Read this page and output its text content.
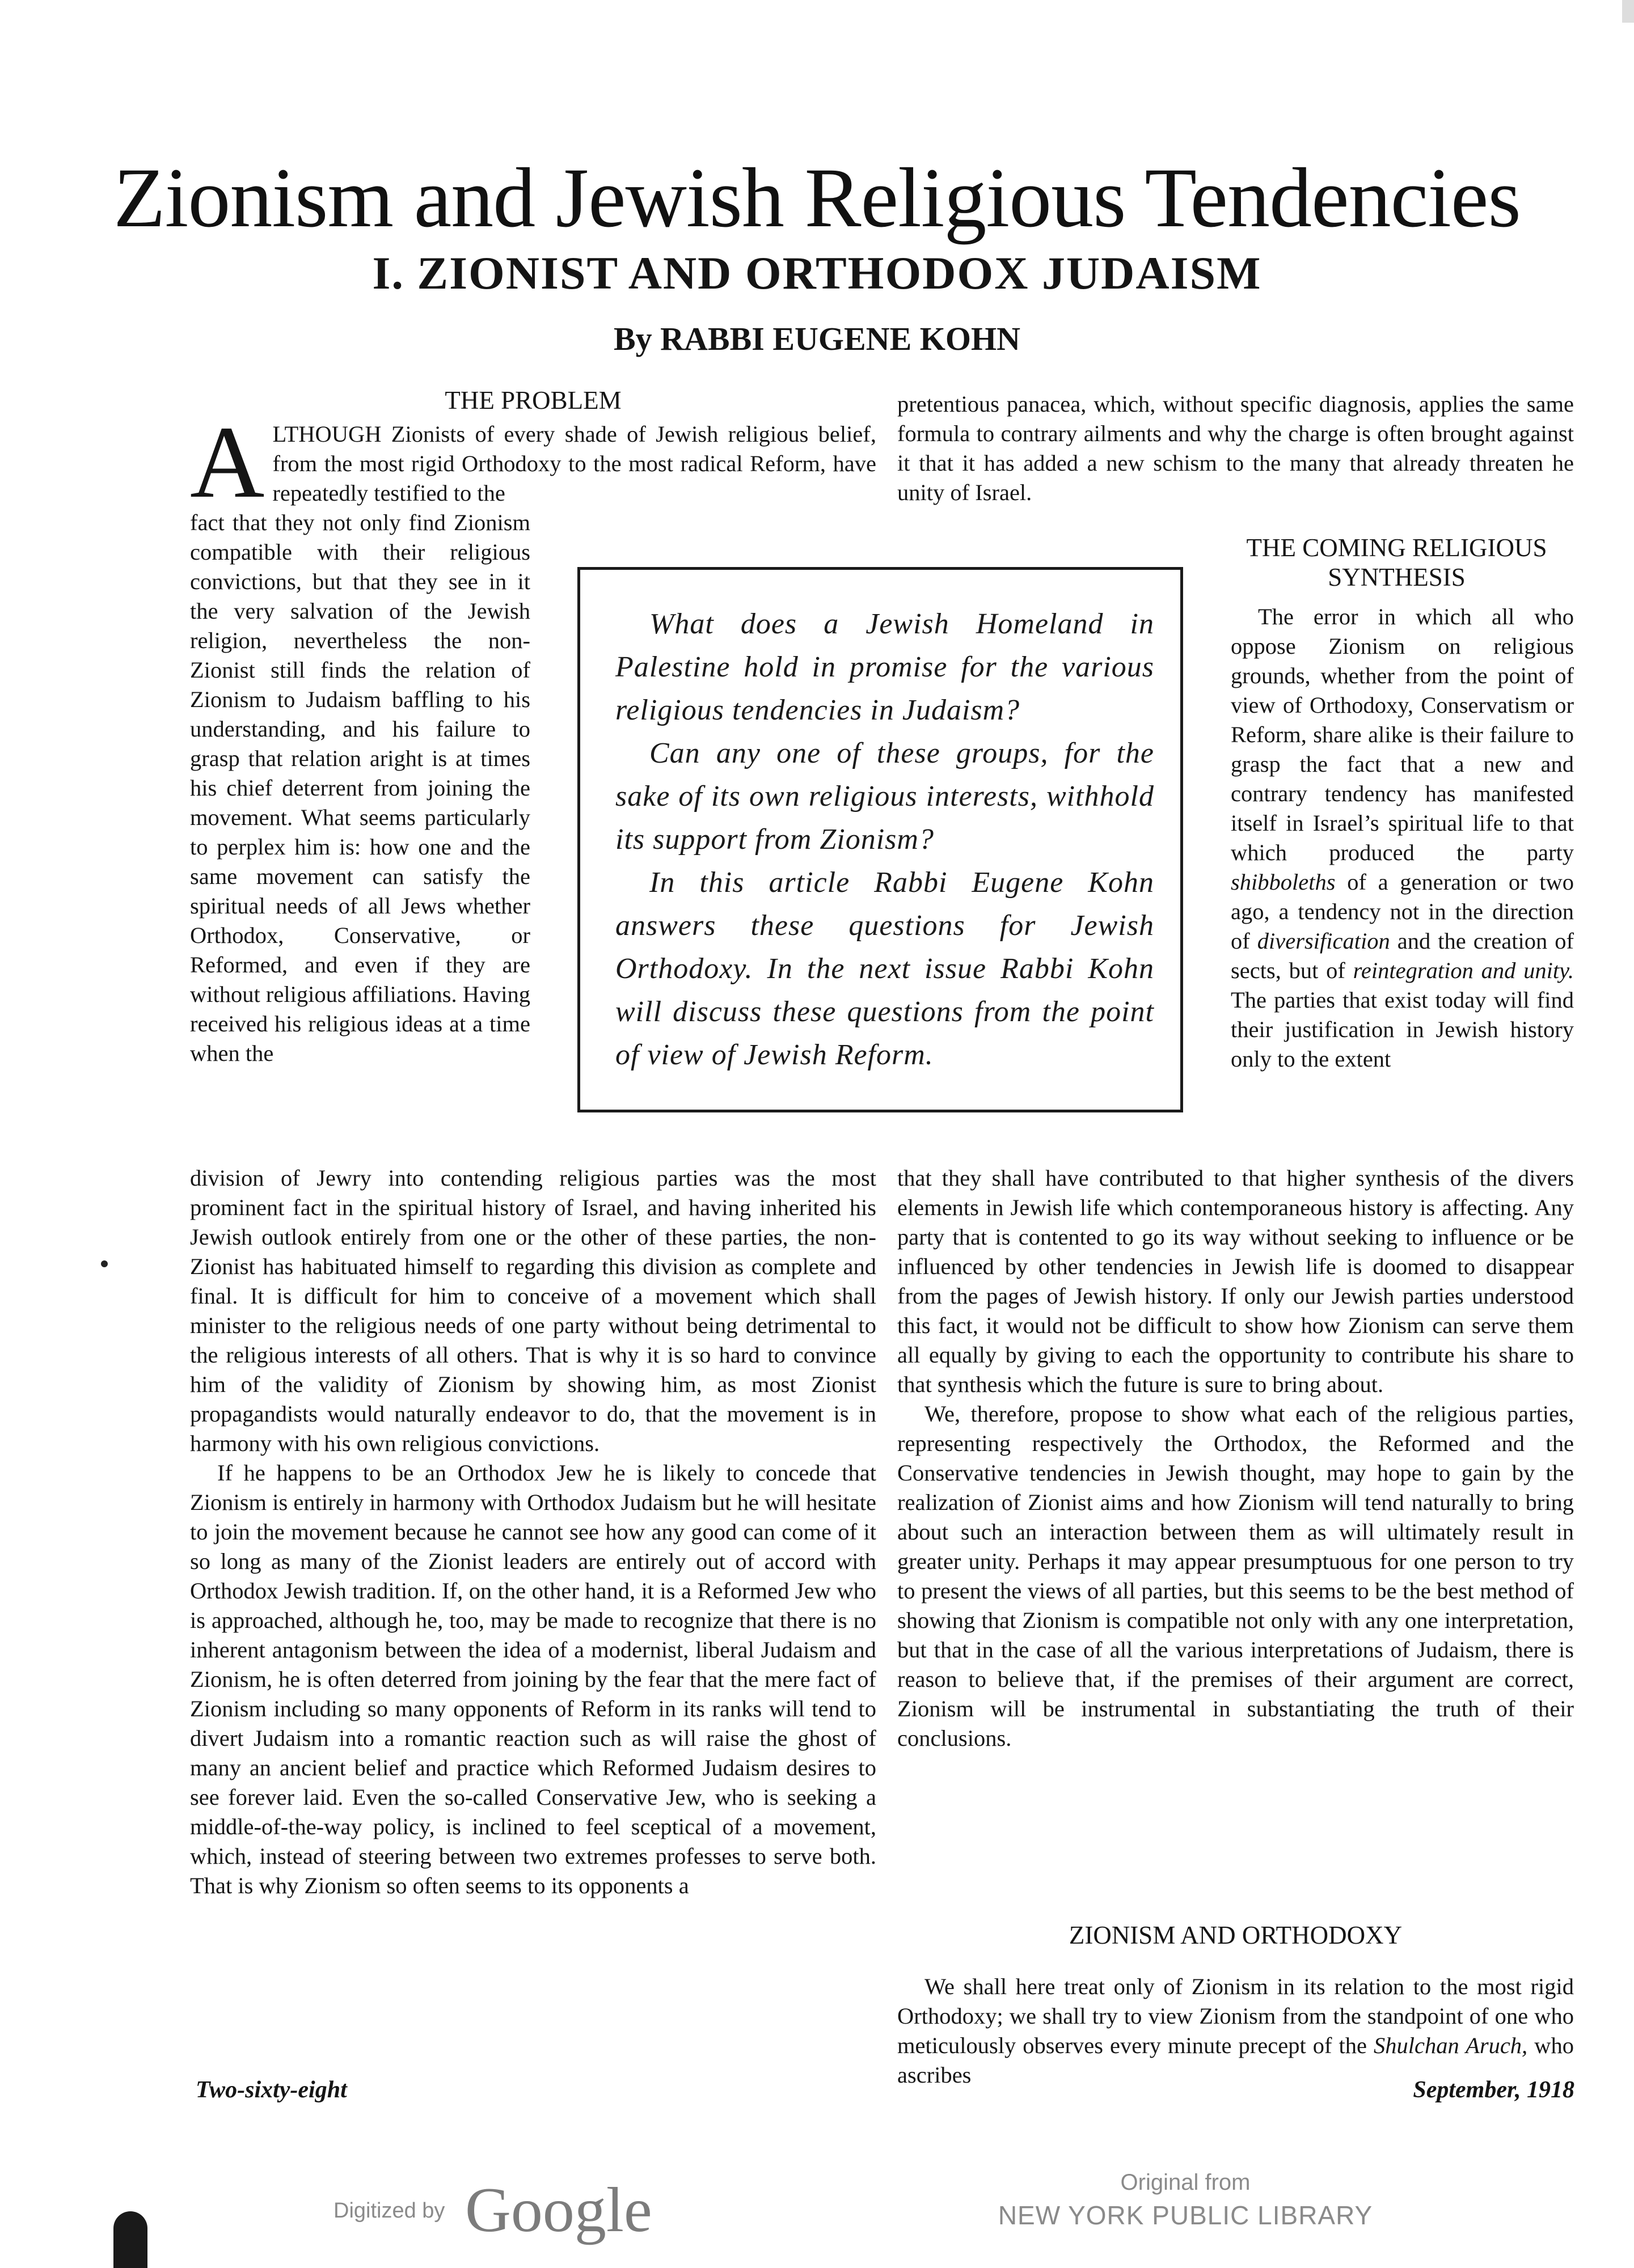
Zionism and Jewish Religious Tendencies
I. ZIONIST AND ORTHODOX JUDAISM
By RABBI EUGENE KOHN
THE PROBLEM
ALTHOUGH Zionists of every shade of Jewish religious belief, from the most rigid Orthodoxy to the most radical Reform, have repeatedly testified to the
fact that they not only find Zionism compatible with their religious convictions, but that they see in it the very salvation of the Jewish religion, nevertheless the non-Zionist still finds the relation of Zionism to Judaism baffling to his understanding, and his failure to grasp that relation aright is at times his chief deterrent from joining the movement. What seems particularly to perplex him is: how one and the same movement can satisfy the spiritual needs of all Jews whether Orthodox, Conservative, or Reformed, and even if they are without religious affiliations. Having received his religious ideas at a time when the

division of Jewry into contending religious parties was the most prominent fact in the spiritual history of Israel, and having inherited his Jewish outlook entirely from one or the other of these parties, the non-Zionist has habituated himself to regarding this division as complete and final. It is difficult for him to conceive of a movement which shall minister to the religious needs of one party without being detrimental to the religious interests of all others. That is why it is so hard to convince him of the validity of Zionism by showing him, as most Zionist propagandists would naturally endeavor to do, that the movement is in harmony with his own religious convictions.

If he happens to be an Orthodox Jew he is likely to concede that Zionism is entirely in harmony with Orthodox Judaism but he will hesitate to join the movement because he cannot see how any good can come of it so long as many of the Zionist leaders are entirely out of accord with Orthodox Jewish tradition. If, on the other hand, it is a Reformed Jew who is approached, although he, too, may be made to recognize that there is no inherent antagonism between the idea of a modernist, liberal Judaism and Zionism, he is often deterred from joining by the fear that the mere fact of Zionism including so many opponents of Reform in its ranks will tend to divert Judaism into a romantic reaction such as will raise the ghost of many an ancient belief and practice which Reformed Judaism desires to see forever laid. Even the so-called Conservative Jew, who is seeking a middle-of-the-way policy, is inclined to feel sceptical of a movement, which, instead of steering between two extremes professes to serve both. That is why Zionism so often seems to its opponents a

pretentious panacea, which, without specific diagnosis, applies the same formula to contrary ailments and why the charge is often brought against it that it has added a new schism to the many that already threaten he unity of Israel.
THE COMING RELIGIOUS
SYNTHESIS

The error in which all who oppose Zionism on religious grounds, whether from the point of view of Orthodoxy, Conservatism or Reform, share alike is their failure to grasp the fact that a new and contrary tendency has manifested itself in Israel’s spiritual life to that which produced the party shibboleths of a generation or two ago, a tendency not in the direction of diversification and the creation of sects, but of reintegration and unity. The parties that exist today will find their justification in Jewish history only to the extent

that they shall have contributed to that higher synthesis of the divers elements in Jewish life which contemporaneous history is affecting. Any party that is contented to go its way without seeking to influence or be influenced by other tendencies in Jewish life is doomed to disappear from the pages of Jewish history. If only our Jewish parties understood this fact, it would not be difficult to show how Zionism can serve them all equally by giving to each the opportunity to contribute his share to that synthesis which the future is sure to bring about.

We, therefore, propose to show what each of the religious parties, representing respectively the Orthodox, the Reformed and the Conservative tendencies in Jewish thought, may hope to gain by the realization of Zionist aims and how Zionism will tend naturally to bring about such an interaction between them as will ultimately result in greater unity. Perhaps it may appear presumptuous for one person to try to present the views of all parties, but this seems to be the best method of showing that Zionism is compatible not only with any one interpretation, but that in the case of all the various interpretations of Judaism, there is reason to believe that, if the premises of their argument are correct, Zionism will be instrumental in substantiating the truth of their conclusions.

ZIONISM AND ORTHODOXY

We shall here treat only of Zionism in its relation to the most rigid Orthodoxy; we shall try to view Zionism from the standpoint of one who meticulously observes every minute precept of the Shulchan Aruch, who ascribes

What does a Jewish Homeland in Palestine hold in promise for the various religious tendencies in Judaism?

Can any one of these groups, for the sake of its own religious interests, withhold its support from Zionism?

In this article Rabbi Eugene Kohn answers these questions for Jewish Orthodoxy. In the next issue Rabbi Kohn will discuss these questions from the point of view of Jewish Reform.

Two-sixty-eight	September, 1918
Digitized by Google	Original from
NEW YORK PUBLIC LIBRARY
